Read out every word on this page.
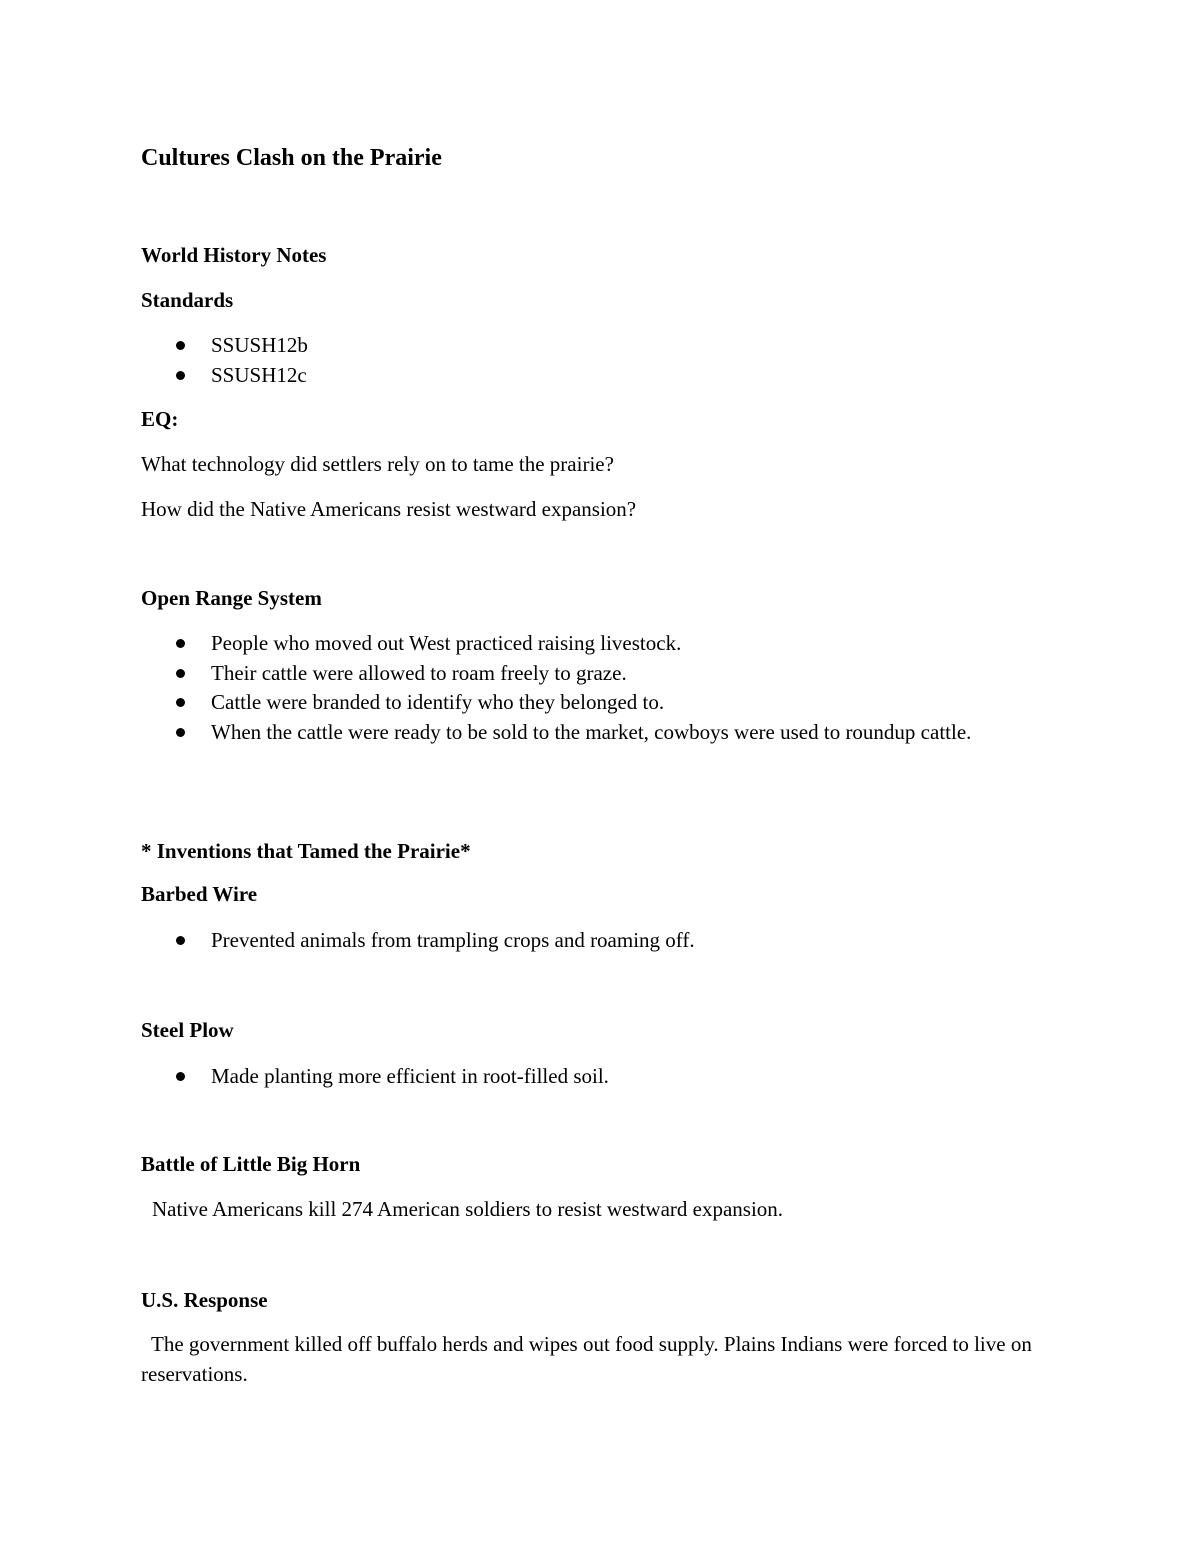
Cultures Clash on the Prairie
World History Notes
Standards
SSUSH12b
SSUSH12c
EQ:
What technology did settlers rely on to tame the prairie?
How did the Native Americans resist westward expansion?
Open Range System
People who moved out West practiced raising livestock.
Their cattle were allowed to roam freely to graze.
Cattle were branded to identify who they belonged to.
When the cattle were ready to be sold to the market, cowboys were used to roundup cattle.
* Inventions that Tamed the Prairie*
Barbed Wire
Prevented animals from trampling crops and roaming off.
Steel Plow
Made planting more efficient in root-filled soil.
Battle of Little Big Horn
Native Americans kill 274 American soldiers to resist westward expansion.
U.S. Response
The government killed off buffalo herds and wipes out food supply. Plains Indians were forced to live on reservations.
